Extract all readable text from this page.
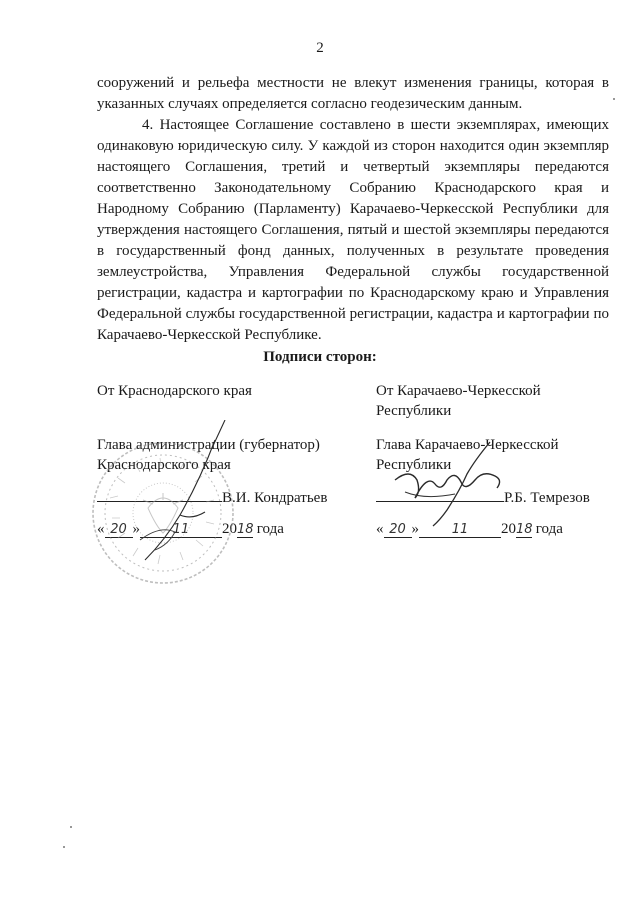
2

сооружений и рельефа местности не влекут изменения границы, которая в указанных случаях определяется согласно геодезическим данным.

4. Настоящее Соглашение составлено в шести экземплярах, имеющих одинаковую юридическую силу. У каждой из сторон находится один экземпляр настоящего Соглашения, третий и четвертый экземпляры передаются соответственно Законодательному Собранию Краснодарского края и Народному Собранию (Парламенту) Карачаево-Черкесской Республики для утверждения настоящего Соглашения, пятый и шестой экземпляры передаются в государственный фонд данных, полученных в результате проведения землеустройства, Управления Федеральной службы государственной регистрации, кадастра и картографии по Краснодарскому краю и Управления Федеральной службы государственной регистрации, кадастра и картографии по Карачаево-Черкесской Республике.

Подписи сторон:
От Краснодарского края
Глава администрации (губернатор)
Краснодарского края
В.И. Кондратьев
« 20 »	11 2018 года
От Карачаево-Черкесской
Республики
Глава Карачаево-Черкесской
Республики
Р.Б. Темрезов
« 20 »	11 2018 года
